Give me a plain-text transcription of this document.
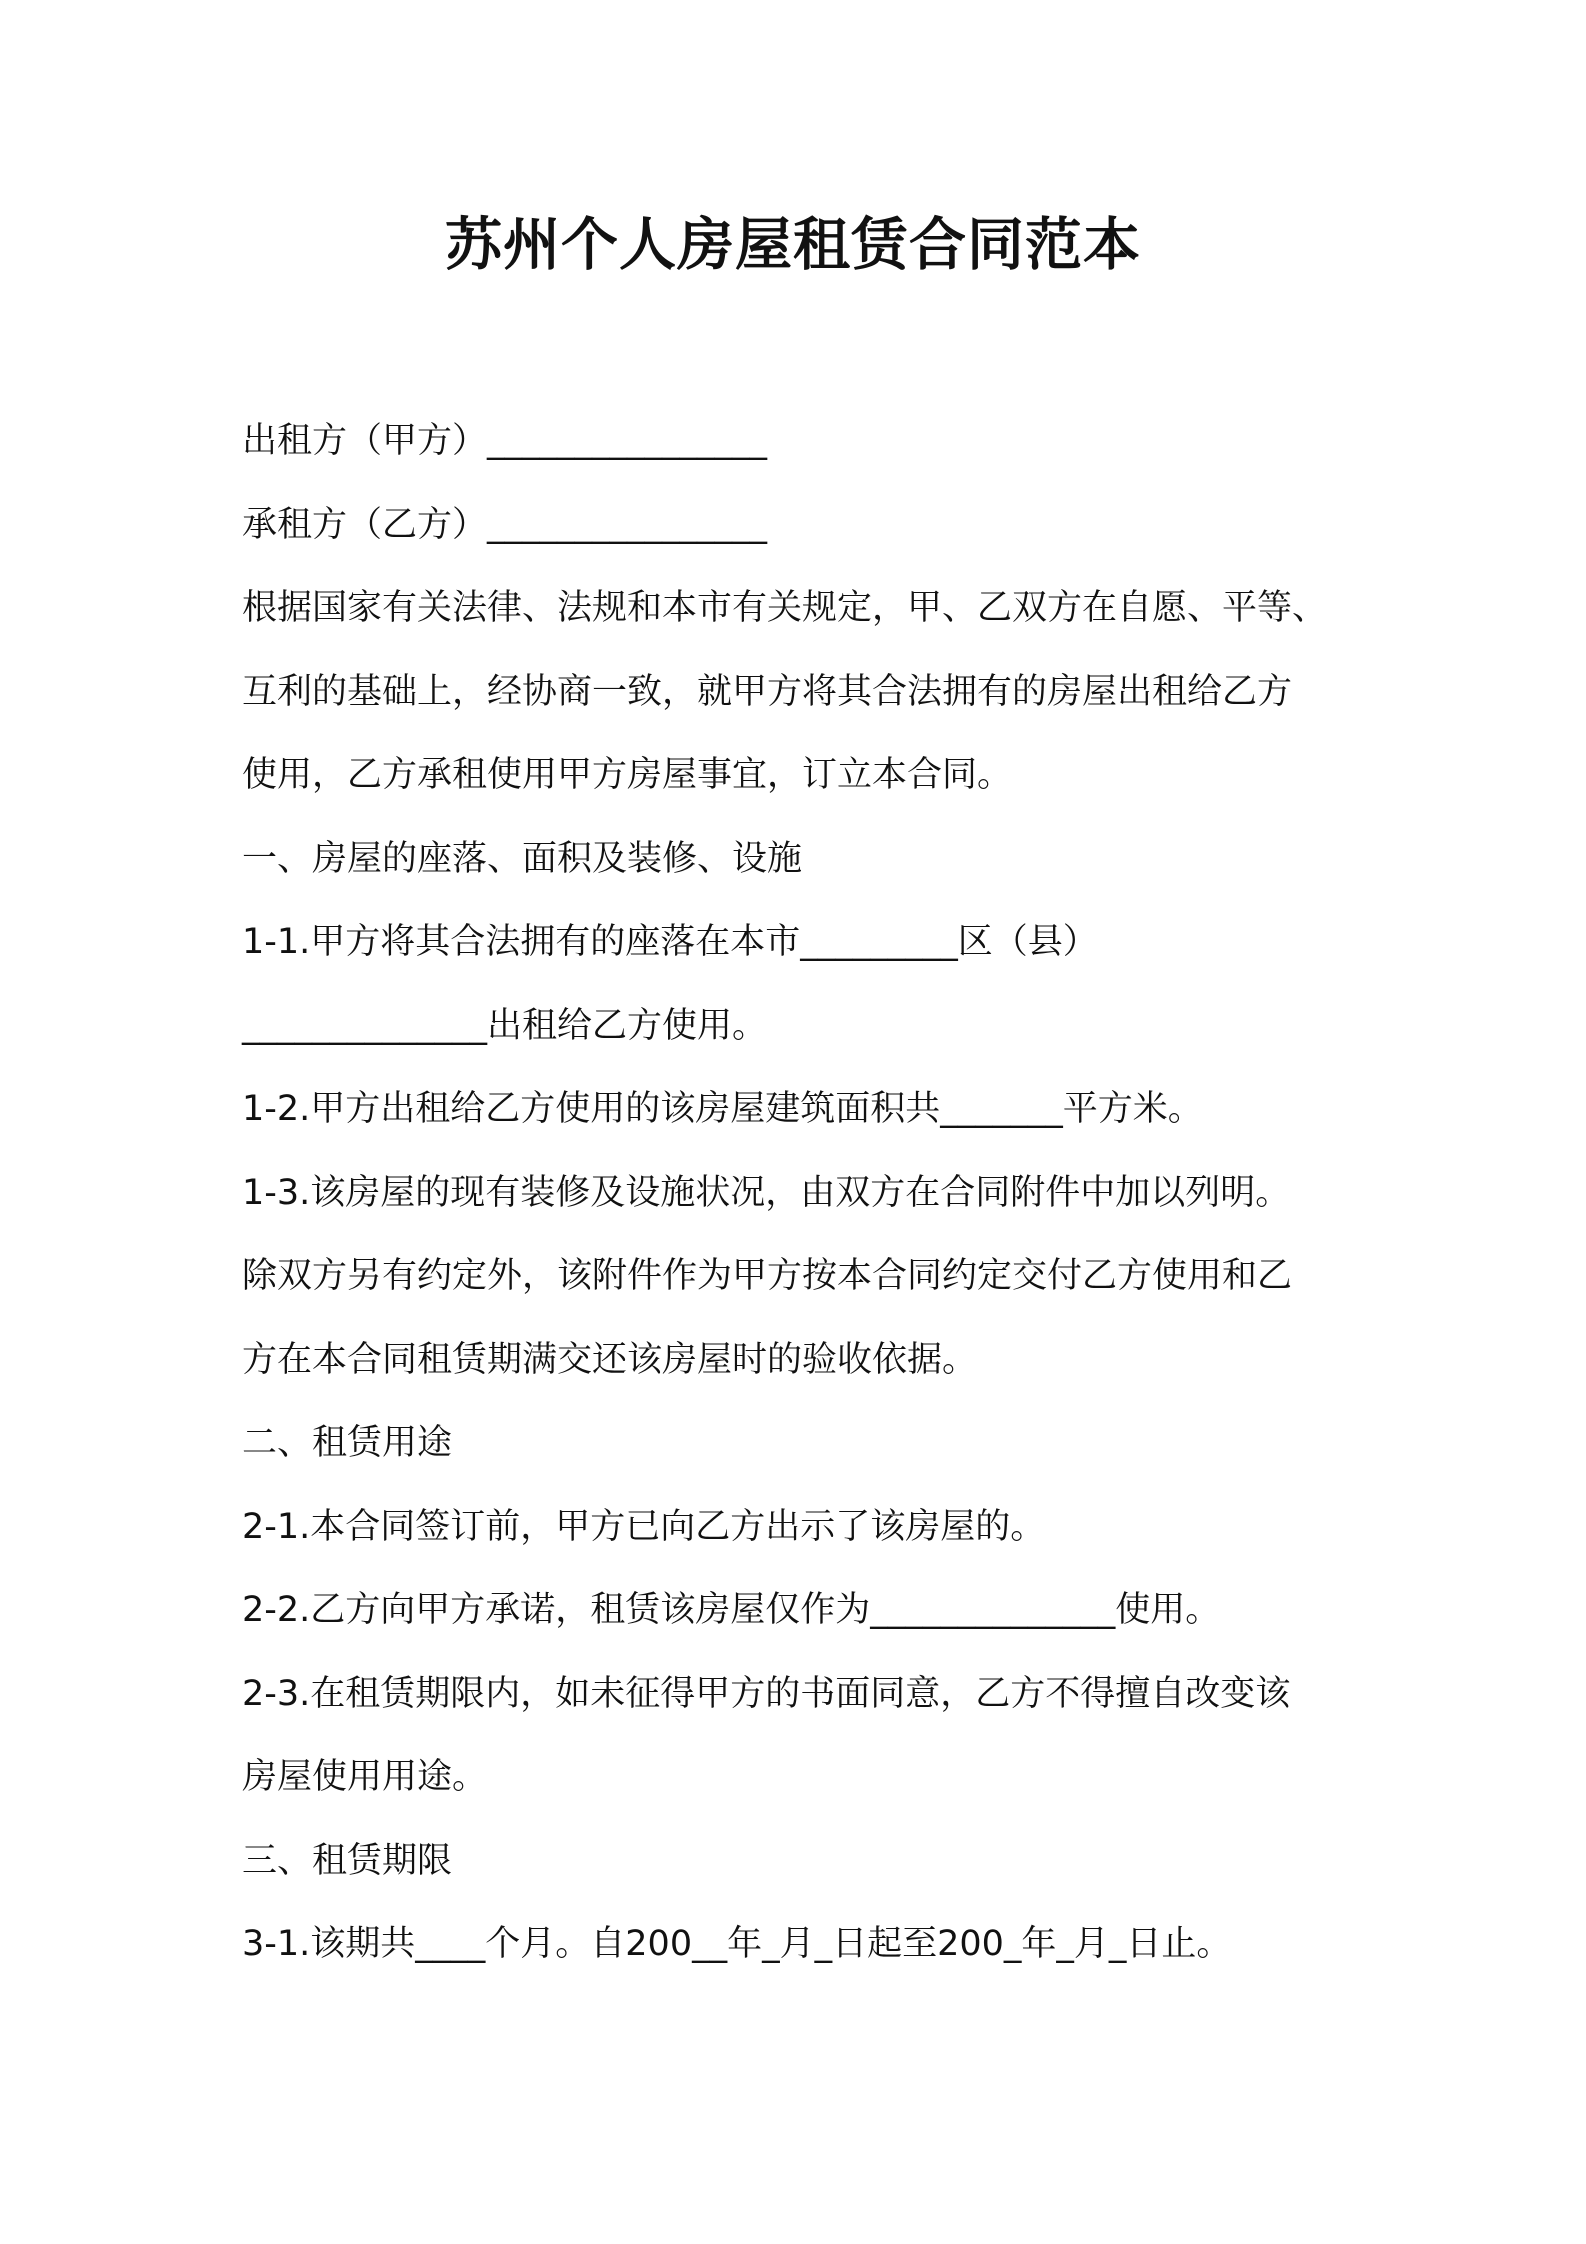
苏州个人房屋租赁合同范本
出租方（甲方）________________
承租方（乙方）________________
根据国家有关法律、法规和本市有关规定，甲、乙双方在自愿、平等、
互利的基础上，经协商一致，就甲方将其合法拥有的房屋出租给乙方
使用，乙方承租使用甲方房屋事宜，订立本合同。
一、房屋的座落、面积及装修、设施
1-1.甲方将其合法拥有的座落在本市_________区（县）
______________出租给乙方使用。
1-2.甲方出租给乙方使用的该房屋建筑面积共_______平方米。
1-3.该房屋的现有装修及设施状况，由双方在合同附件中加以列明。
除双方另有约定外，该附件作为甲方按本合同约定交付乙方使用和乙
方在本合同租赁期满交还该房屋时的验收依据。
二、租赁用途
2-1.本合同签订前，甲方已向乙方出示了该房屋的。
2-2.乙方向甲方承诺，租赁该房屋仅作为______________使用。
2-3.在租赁期限内，如未征得甲方的书面同意，乙方不得擅自改变该
房屋使用用途。
三、租赁期限
3-1.该期共____个月。自200__年_月_日起至200_年_月_日止。
